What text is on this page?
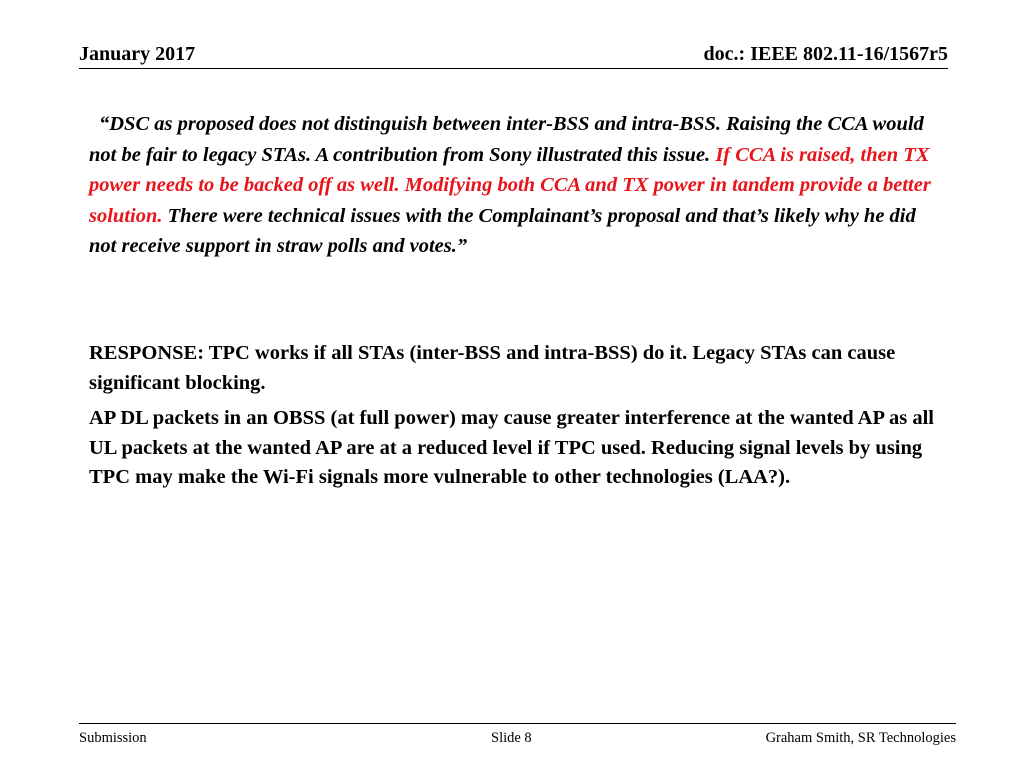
January 2017	doc.: IEEE 802.11-16/1567r5
“DSC as proposed does not distinguish between inter-BSS and intra-BSS. Raising the CCA would not be fair to legacy STAs. A contribution from Sony illustrated this issue. If CCA is raised, then TX power needs to be backed off as well. Modifying both CCA and TX power in tandem provide a better solution. There were technical issues with the Complainant’s proposal and that’s likely why he did not receive support in straw polls and votes.”

RESPONSE: TPC works if all STAs (inter-BSS and intra-BSS) do it. Legacy STAs can cause significant blocking.

AP DL packets in an OBSS (at full power) may cause greater interference at the wanted AP as all UL packets at the wanted AP are at a reduced level if TPC used. Reducing signal levels by using TPC may make the Wi-Fi signals more vulnerable to other technologies (LAA?).

Submission	Slide 8	Graham Smith, SR Technologies
